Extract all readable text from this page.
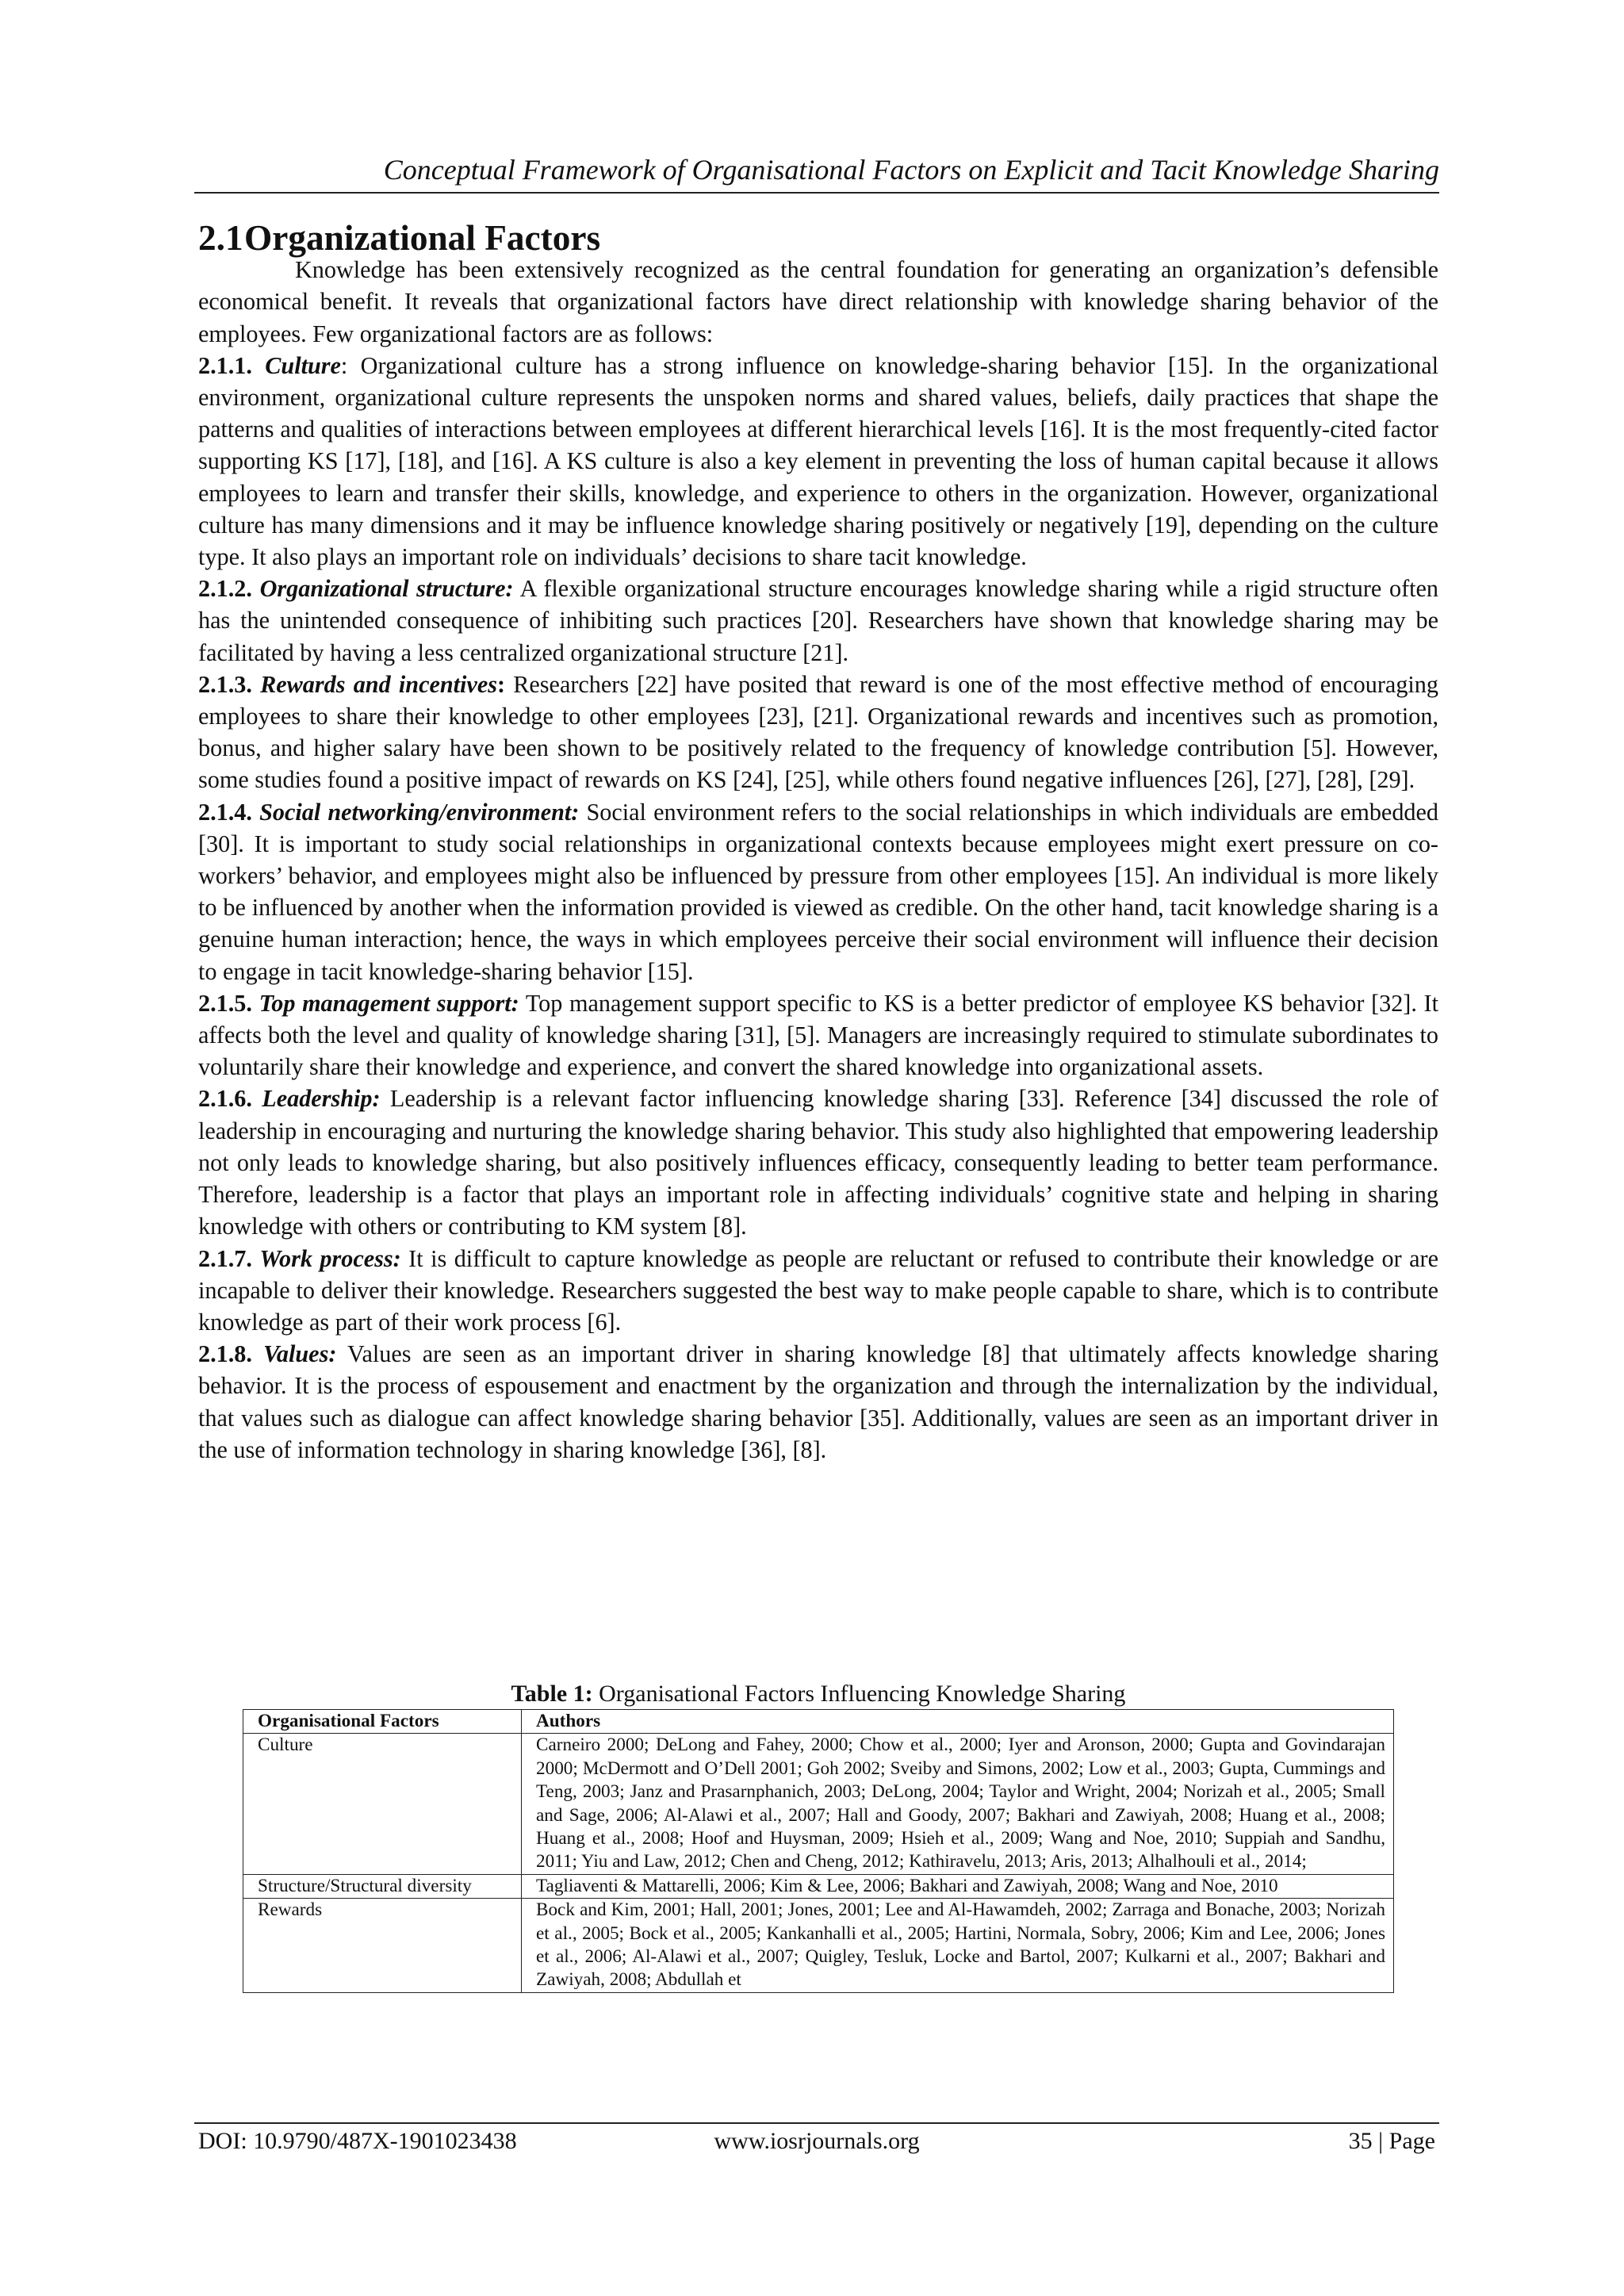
Conceptual Framework of Organisational Factors on Explicit and Tacit Knowledge Sharing
2.1Organizational Factors

Knowledge has been extensively recognized as the central foundation for generating an organization’s defensible economical benefit. It reveals that organizational factors have direct relationship with knowledge sharing behavior of the employees. Few organizational factors are as follows:

2.1.1. Culture: Organizational culture has a strong influence on knowledge-sharing behavior [15]. In the organizational environment, organizational culture represents the unspoken norms and shared values, beliefs, daily practices that shape the patterns and qualities of interactions between employees at different hierarchical levels [16]. It is the most frequently-cited factor supporting KS [17], [18], and [16]. A KS culture is also a key element in preventing the loss of human capital because it allows employees to learn and transfer their skills, knowledge, and experience to others in the organization. However, organizational culture has many dimensions and it may be influence knowledge sharing positively or negatively [19], depending on the culture type. It also plays an important role on individuals’ decisions to share tacit knowledge.

2.1.2. Organizational structure: A flexible organizational structure encourages knowledge sharing while a rigid structure often has the unintended consequence of inhibiting such practices [20]. Researchers have shown that knowledge sharing may be facilitated by having a less centralized organizational structure [21].

2.1.3. Rewards and incentives: Researchers [22] have posited that reward is one of the most effective method of encouraging employees to share their knowledge to other employees [23], [21]. Organizational rewards and incentives such as promotion, bonus, and higher salary have been shown to be positively related to the frequency of knowledge contribution [5]. However, some studies found a positive impact of rewards on KS [24], [25], while others found negative influences [26], [27], [28], [29].

2.1.4. Social networking/environment: Social environment refers to the social relationships in which individuals are embedded [30]. It is important to study social relationships in organizational contexts because employees might exert pressure on co-workers’ behavior, and employees might also be influenced by pressure from other employees [15]. An individual is more likely to be influenced by another when the information provided is viewed as credible. On the other hand, tacit knowledge sharing is a genuine human interaction; hence, the ways in which employees perceive their social environment will influence their decision to engage in tacit knowledge-sharing behavior [15].

2.1.5. Top management support: Top management support specific to KS is a better predictor of employee KS behavior [32]. It affects both the level and quality of knowledge sharing [31], [5]. Managers are increasingly required to stimulate subordinates to voluntarily share their knowledge and experience, and convert the shared knowledge into organizational assets.

2.1.6. Leadership: Leadership is a relevant factor influencing knowledge sharing [33]. Reference [34] discussed the role of leadership in encouraging and nurturing the knowledge sharing behavior. This study also highlighted that empowering leadership not only leads to knowledge sharing, but also positively influences efficacy, consequently leading to better team performance. Therefore, leadership is a factor that plays an important role in affecting individuals’ cognitive state and helping in sharing knowledge with others or contributing to KM system [8].

2.1.7. Work process: It is difficult to capture knowledge as people are reluctant or refused to contribute their knowledge or are incapable to deliver their knowledge. Researchers suggested the best way to make people capable to share, which is to contribute knowledge as part of their work process [6].

2.1.8. Values: Values are seen as an important driver in sharing knowledge [8] that ultimately affects knowledge sharing behavior. It is the process of espousement and enactment by the organization and through the internalization by the individual, that values such as dialogue can affect knowledge sharing behavior [35]. Additionally, values are seen as an important driver in the use of information technology in sharing knowledge [36], [8].

Table 1: Organisational Factors Influencing Knowledge Sharing
Organisational Factors	Authors
Culture	Carneiro 2000; DeLong and Fahey, 2000; Chow et al., 2000; Iyer and Aronson, 2000; Gupta and Govindarajan 2000; McDermott and O’Dell 2001; Goh 2002; Sveiby and Simons, 2002; Low et al., 2003; Gupta, Cummings and Teng, 2003; Janz and Prasarnphanich, 2003; DeLong, 2004; Taylor and Wright, 2004; Norizah et al., 2005; Small and Sage, 2006; Al-Alawi et al., 2007; Hall and Goody, 2007; Bakhari and Zawiyah, 2008; Huang et al., 2008; Huang et al., 2008; Hoof and Huysman, 2009; Hsieh et al., 2009; Wang and Noe, 2010; Suppiah and Sandhu, 2011; Yiu and Law, 2012; Chen and Cheng, 2012; Kathiravelu, 2013; Aris, 2013; Alhalhouli et al., 2014;
Structure/Structural diversity	Tagliaventi & Mattarelli, 2006; Kim & Lee, 2006; Bakhari and Zawiyah, 2008; Wang and Noe, 2010
Rewards	Bock and Kim, 2001; Hall, 2001; Jones, 2001; Lee and Al-Hawamdeh, 2002; Zarraga and Bonache, 2003; Norizah et al., 2005; Bock et al., 2005; Kankanhalli et al., 2005; Hartini, Normala, Sobry, 2006; Kim and Lee, 2006; Jones et al., 2006; Al-Alawi et al., 2007; Quigley, Tesluk, Locke and Bartol, 2007; Kulkarni et al., 2007; Bakhari and Zawiyah, 2008; Abdullah et
DOI: 10.9790/487X-1901023438	www.iosrjournals.org	35 | Page
